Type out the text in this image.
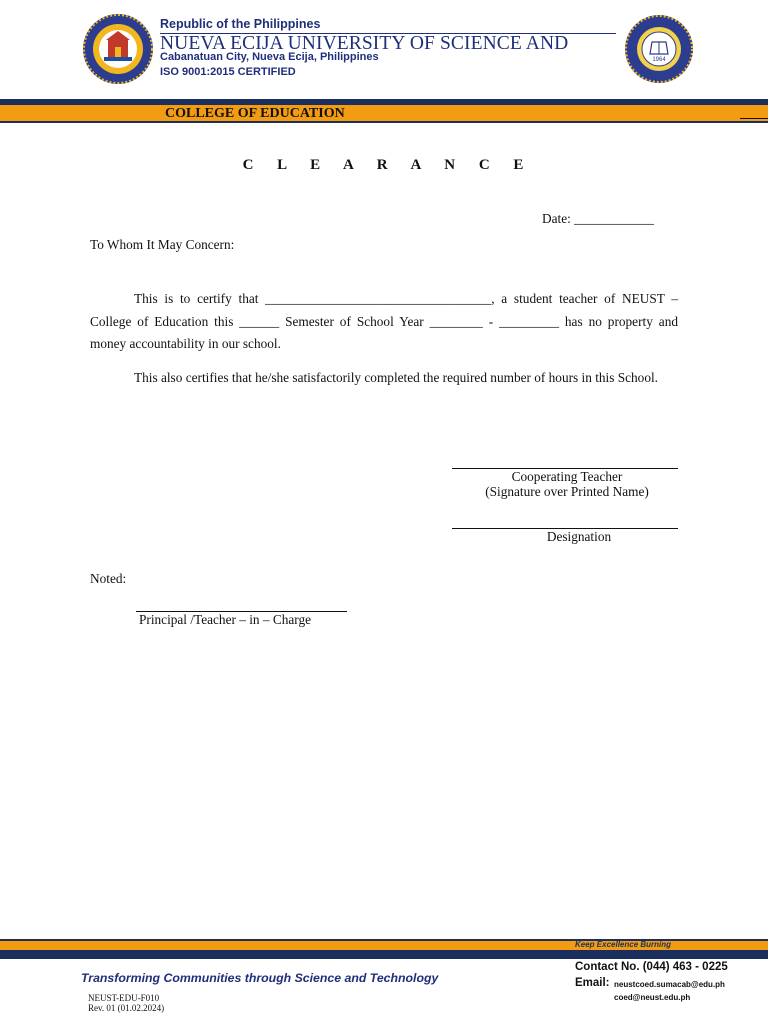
1964
Republic of the Philippines
NUEVA ECIJA UNIVERSITY OF SCIENCE AND
Cabanatuan City, Nueva Ecija, Philippines
ISO 9001:2015 CERTIFIED
COLLEGE OF EDUCATION
C L E A R A N C E
Date: ____________
To Whom It May Concern:
This is to certify that __________________________________, a student teacher of NEUST – College of Education this ______ Semester of School Year ________ - _________ has no property and money accountability in our school.
This also certifies that he/she satisfactorily completed the required number of hours in this School.
Cooperating Teacher
(Signature over Printed Name)
Designation
Noted:
Principal /Teacher – in – Charge
Keep Excellence Burning
Transforming Communities through Science and Technology
Contact No. (044) 463 - 0225
Email: neustcoed.sumacab@edu.ph
coed@neust.edu.ph
NEUST-EDU-F010
Rev. 01 (01.02.2024)
